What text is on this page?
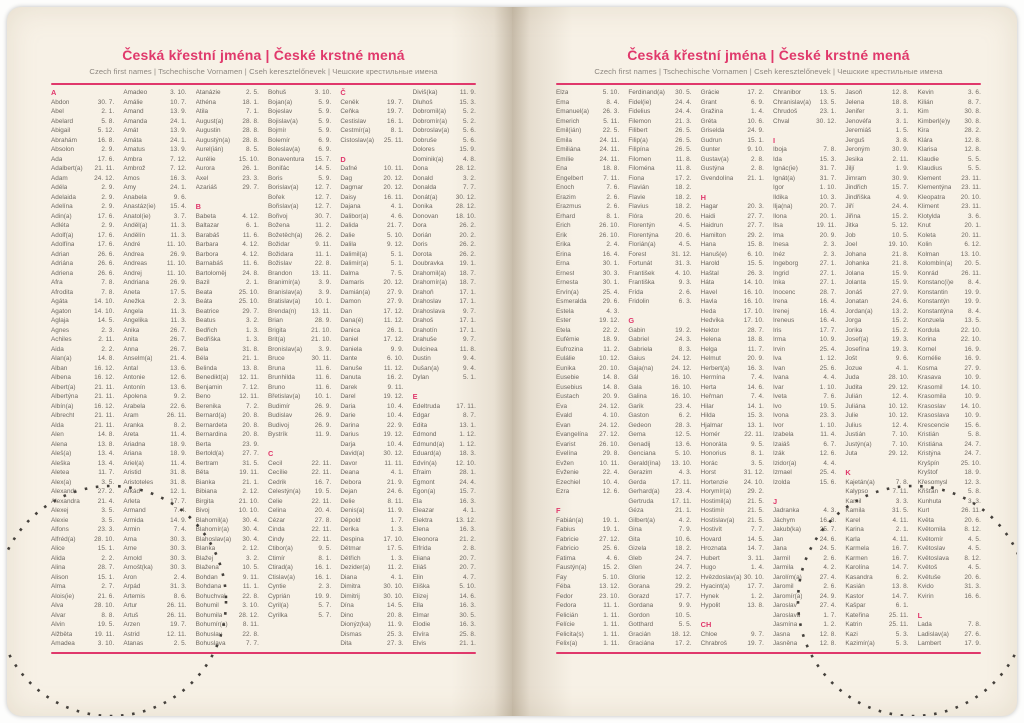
Česká křestní jména | České krstné mená
Czech first names | Tschechische Vornamen | Cseh keresztelőnevek | Чешские крестильные имена
A
Abdon	30. 7.
Ábel	2. 1.
Abelard	5. 8.
Abigail	5. 12.
Abrahám	16. 8.
Absolon	2. 9.
Ada	17. 6.
Adalbert(a)	21. 11.
Adam	24. 12.
Adéla	2. 9.
Adelaida	2. 9.
Adelína	2. 9.
Adin(a)	17. 6.
Adléta	2. 9.
Adolf(a)	17. 6.
Adolfína	17. 6.
Adrian	26. 6.
Adriána	26. 6.
Adriena	26. 6.
Afra	7. 8.
Afrodita	7. 8.
Agáta	14. 10.
Agaton	14. 10.
Aglaja	14. 5.
Agnes	2. 3.
Achiles	2. 11.
Aida	2. 2.
Alan(a)	14. 8.
Alban	16. 12.
Albena	16. 12.
Albert(a)	21. 11.
Albertýna	21. 11.
Albín(a)	16. 12.
Albrecht	21. 11.
Alda	21. 11.
Alen	14. 8.
Alena	13. 8.
Aleš(a)	13. 4.
Aleška	13. 4.
Aletea	11. 7.
Alex(a)	3. 5.
Alexandr	27. 2.
Alexandra	21. 4.
Alexej	3. 5.
Alexie	3. 5.
Alfons	23. 3.
Alfréd(a)	28. 10.
Alice	15. 1.
Alida	2. 2.
Alina	28. 7.
Alison	15. 1.
Alma	2. 7.
Alois(ie)	21. 6.
Alva	28. 10.
Alvar	8. 8.
Alvin	19. 5.
Alžběta	19. 11.
Amadea	3. 10.
Amadeo	3. 10.
Amálie	10. 7.
Amand	13. 9.
Amanda	24. 1.
Amát	13. 9.
Amáta	24. 1.
Amatus	13. 9.
Ambra	7. 12.
Ambrož	7. 12.
Ámos	16. 3.
Amy	24. 1.
Anabela	9. 6.
Anastáz(ie)	15. 4.
Anatol(ie)	3. 7.
Anděl(a)	11. 3.
Andělín	11. 3.
André	11. 10.
Andrea	26. 9.
Andreas	11. 10.
Andrej	11. 10.
Andriana	26. 9.
Aneta	17. 5.
Anežka	2. 3.
Angela	11. 3.
Angelika	11. 3.
Anika	26. 7.
Anita	26. 7.
Anna	26. 7.
Anselm(a)	21. 4.
Antal	13. 6.
Antonie	12. 6.
Antonín	13. 6.
Apolena	9. 2.
Arabela	22. 6.
Aram	26. 11.
Aranka	8. 2.
Areta	11. 4.
Ariadna	18. 9.
Ariana	18. 9.
Ariel(a)	11. 4.
Aristid	31. 8.
Aristoteles	31. 8.
Arkád	12. 1.
Arleta	17. 7.
Armand	7. 4.
Armida	14. 9.
Armin	7. 4.
Arna	30. 3.
Arne	30. 3.
Arnold	30. 3.
Arnošt(ka)	30. 3.
Áron	2. 4.
Arpád	31. 3.
Artemis	8. 6.
Artur	26. 11.
Artuš	26. 11.
Arzen	19. 7.
Astrid	12. 11.
Atanas	2. 5.
Atanázie	2. 5.
Athéna	18. 1.
Atila	7. 1.
August(a)	28. 8.
Augustin	28. 8.
Augustýn(a)	28. 8.
Aurel(ián)	8. 5.
Aurélie	15. 10.
Aurora	26. 1.
Axel	23. 3.
Azariáš	29. 7.
B
Babeta	4. 12.
Baltazar	6. 1.
Barabáš	11. 6.
Barbara	4. 12.
Barbora	4. 12.
Barnabáš	11. 6.
Bartoloměj	24. 8.
Bazil	2. 1.
Beata	25. 10.
Beáta	25. 10.
Beatrice	29. 7.
Beatus	3. 2.
Bedřich	1. 3.
Bedřiška	1. 3.
Bela	31. 8.
Béla	21. 1.
Belinda	13. 8.
Benedikt(a)	12. 11.
Benjamin	7. 12.
Beno	12. 11.
Berenika	7. 2.
Bernard(a)	20. 8.
Bernardeta	20. 8.
Bernardina	20. 8.
Berta	23. 9.
Bertold(a)	27. 7.
Bertram	31. 5.
Běta	19. 11.
Bianka	21. 1.
Bibiana	2. 12.
Birgita	21. 10.
Bivoj	10. 10.
Blahomil(a)	30. 4.
Blahomír(a)	30. 4.
Blahoslav(a)	30. 4.
Blanka	2. 12.
Blažej	3. 2.
Blažena	10. 5.
Bohdan	9. 11.
Bohdana	11. 1.
Bohuchval	22. 8.
Bohumil	3. 10.
Bohumila	28. 12.
Bohumír(a)	8. 11.
Bohuslav	22. 8.
Bohuslava	7. 7.
Bohuš	3. 10.
Bojan(a)	5. 9.
Bojeslav	5. 9.
Bojislav(a)	5. 9.
Bojmír	5. 9.
Bolemír	6. 9.
Boleslav(a)	6. 9.
Bonaventura	15. 7.
Bonifác	14. 5.
Boris	5. 9.
Borislav(a)	12. 7.
Bořek	12. 7.
Bořislav(a)	12. 7.
Bořivoj	30. 7.
Božena	11. 2.
Božetěch(a)	26. 2.
Božidar	9. 11.
Božidara	11. 1.
Božislav	22. 8.
Brandon	13. 11.
Branimír(a)	3. 9.
Branislav(a)	3. 9.
Bratislav(a)	10. 1.
Brenda(n)	13. 11.
Brian	28. 9.
Brigita	21. 10.
Brit(a)	21. 10.
Bronislav(a)	3. 9.
Bruce	30. 11.
Bruna	11. 6.
Brunhilda	11. 6.
Bruno	11. 6.
Břetislav(a)	10. 1.
Budimír	26. 9.
Budislav	26. 9.
Budivoj	26. 9.
Bystrík	11. 9.
C
Cecil	22. 11.
Cecílie	22. 11.
Cedrik	16. 7.
Celestýn(a)	19. 5.
Celie	22. 11.
Celina	20. 4.
Cézar	27. 8.
Cinda	22. 11.
Cindy	22. 11.
Ctibor(a)	9. 5.
Ctimír	8. 1.
Ctirad(a)	16. 1.
Ctislav(a)	16. 1.
Cyntie	2. 3.
Cyprián	19. 9.
Cyril(a)	5. 7.
Cyrilka	5. 7.
Č
Čeněk	19. 7.
Čeňka	19. 7.
Čestislav	16. 1.
Čestmír(a)	8. 1.
Čistoslav(a)	25. 11.
D
Dafné	10. 11.
Dag	20. 12.
Dagmar	20. 12.
Daisy	16. 11.
Dajana	4. 1.
Dalibor(a)	4. 6.
Dalida	21. 7.
Dalie	5. 10.
Dalila	9. 12.
Dalimil(a)	5. 1.
Dalimír(a)	5. 1.
Dalma	7. 5.
Damaris	20. 12.
Damián(a)	27. 9.
Damon	27. 9.
Dan	17. 12.
Dana(é)	11. 12.
Danica	26. 1.
Daniel	17. 12.
Daniela	9. 9.
Dante	6. 10.
Danuše	11. 12.
Danuta	16. 2.
Darek	9. 11.
Darel	19. 12.
Daria	10. 4.
Darie	10. 4.
Darina	22. 9.
Darius	19. 12.
Darja	10. 4.
David(a)	30. 12.
Davor	11. 11.
Deana	4. 1.
Debora	21. 9.
Dejan	24. 6.
Delie	8. 11.
Denis(a)	11. 9.
Děpold	1. 7.
Derika	1. 3.
Despina	17. 10.
Dětmar	17. 5.
Dětřich	1. 3.
Dezider(a)	11. 2.
Diana	4. 1.
Dimitra	30. 10.
Dimitrij	30. 10.
Dína	14. 5.
Dino	20. 8.
Dionýz(ka)	11. 9.
Dismas	25. 3.
Dita	27. 3.
Diviš(ka)	11. 9.
Dluhoš	15. 3.
Dobromil(a)	5. 2.
Dobromír(a)	5. 2.
Dobroslav(a)	5. 6.
Dobruše	5. 6.
Dolores	15. 9.
Dominik(a)	4. 8.
Dona	28. 12.
Donald	3. 2.
Donalda	7. 7.
Donát(a)	30. 12.
Donika	28. 12.
Donovan	18. 10.
Dora	26. 2.
Dorián	20. 2.
Doris	26. 2.
Dorota	26. 2.
Doubravka	19. 1.
Drahomil(a)	18. 7.
Drahomír(a)	18. 7.
Drahoň	17. 1.
Drahoslav	17. 1.
Drahoslava	9. 7.
Drahoš	17. 1.
Drahotín	17. 1.
Drahuše	9. 7.
Dulcinea	11. 8.
Dustin	9. 4.
Dušan(a)	9. 4.
Dylan	5. 1.
E
Edeltruda	17. 11.
Edgar	8. 7.
Edita	13. 1.
Edmond	1. 12.
Edmund(a)	1. 12.
Eduard(a)	18. 3.
Edvín(a)	12. 10.
Efraim	28. 1.
Egmont	24. 4.
Egon(a)	15. 7.
Ela	16. 3.
Eleazar	4. 1.
Elektra	13. 12.
Elena	16. 3.
Eleonora	21. 2.
Elfrída	2. 8.
Eliana	20. 7.
Eliáš	20. 7.
Elin	4. 7.
Eliška	5. 10.
Elizej	14. 6.
Ella	16. 3.
Elmar	30. 5.
Elodie	16. 3.
Elvíra	25. 8.
Elvis	21. 1.
Česká křestní jména | České krstné mená
Czech first names | Tschechische Vornamen | Cseh keresztelőnevek | Чешские крестильные имена
Elza	5. 10.
Ema	8. 4.
Emanuel(a)	26. 3.
Emerich	5. 11.
Emil(ián)	22. 5.
Emila	24. 11.
Emiliána	24. 11.
Emílie	24. 11.
Ena	18. 8.
Engelbert	7. 11.
Enoch	7. 6.
Erazim	2. 6.
Erazmus	2. 6.
Erhard	8. 1.
Erich	26. 10.
Erik	26. 10.
Erika	2. 4.
Erina	16. 4.
Erna	30. 1.
Ernest	30. 3.
Ernesta	30. 1.
Ervín(a)	25. 4.
Esmeralda	29. 6.
Estela	4. 3.
Ester	19. 12.
Etela	22. 2.
Eufémie	18. 9.
Eufrozina	11. 2.
Eulálie	10. 12.
Eunika	20. 10.
Eusebie	14. 8.
Eusebius	14. 8.
Eustach	20. 9.
Eva	24. 12.
Evald	4. 10.
Evan	24. 12.
Evangelína	27. 12.
Evarist	26. 10.
Evelína	29. 8.
Evžen	10. 11.
Evženie	22. 4.
Ezechiel	10. 4.
Ezra	12. 6.
F
Fabián(a)	19. 1.
Fabius	19. 1.
Fabricie	27. 12.
Fabricio	25. 6.
Fatima	4. 6.
Faustýn(a)	15. 2.
Fay	5. 10.
Féba	13. 12.
Fedor	23. 10.
Fedora	11. 1.
Felicián	1. 11.
Felície	1. 11.
Felicita(s)	1. 11.
Felix(a)	1. 11.
Ferdinand(a)	30. 5.
Fidel(ie)	24. 4.
Fidelius	24. 4.
Filemon	21. 3.
Filibert	26. 5.
Filip(a)	26. 5.
Filipína	26. 5.
Filomen	11. 8.
Filoména	11. 8.
Fiona	17. 2.
Flavián	18. 2.
Flavie	18. 2.
Flavius	18. 2.
Flóra	20. 6.
Florentýn	4. 5.
Florentýna	20. 6.
Florián(a)	4. 5.
Forest	31. 12.
Fortunát	31. 3.
František	4. 10.
Františka	9. 3.
Frída	2. 6.
Fridolin	6. 3.
G
Gabin	19. 2.
Gabriel	24. 3.
Gabriela	8. 3.
Gaius	24. 12.
Gaja(na)	24. 12.
Gál	16. 10.
Gala	16. 10.
Galina	16. 10.
Garik	23. 4.
Gaston	6. 2.
Gedeon	28. 3.
Gema	12. 5.
Genadij	13. 6.
Genciana	5. 10.
Gerald(ína)	13. 10.
Gerazim	4. 3.
Gerda	17. 11.
Gerhard(a)	23. 4.
Gertruda	17. 11.
Géza	21. 1.
Gilbert(a)	4. 2.
Gina	7. 9.
Gita	10. 6.
Gizela	18. 2.
Gleb	24. 7.
Glen	24. 7.
Glorie	12. 2.
Gorana	29. 2.
Gorazd	17. 7.
Gordana	9. 9.
Gordon	10. 5.
Gotthard	5. 5.
Gracián	18. 12.
Graciána	17. 2.
Grácie	17. 2.
Grant	6. 9.
Gražina	1. 4.
Gréta	10. 6.
Griselda	24. 9.
Gudrun	15. 1.
Gunter	9. 10.
Gustav(a)	2. 8.
Gustýna	2. 8.
Gvendolína	21. 1.
H
Hagar	20. 3.
Haidi	27. 7.
Haidrun	27. 7.
Hamilton	29. 2.
Hana	15. 8.
Hanuš(e)	6. 10.
Harold	15. 5.
Haštal	26. 3.
Háta	14. 10.
Havel	16. 10.
Havla	16. 10.
Heda	17. 10.
Hedvika	17. 10.
Hektor	28. 7.
Helena	18. 8.
Helga	11. 7.
Helmut	20. 9.
Herbert(a)	16. 3.
Hermína	7. 4.
Herta	14. 6.
Heřman	7. 4.
Hilar	14. 1.
Hilda	15. 3.
Hjalmar	13. 1.
Homér	22. 11.
Honoráta	9. 5.
Honorius	8. 1.
Horác	3. 5.
Horst	31. 12.
Hortenzie	24. 10.
Horymír(a)	29. 2.
Hostimil(a)	21. 5.
Hostimír	21. 5.
Hostislav(a)	21. 5.
Hostivít	7. 7.
Hovard	14. 5.
Hroznata	14. 7.
Hubert	3. 11.
Hugo	1. 4.
Hvězdoslav(a) 30. 10.
Hyacint(a)	17. 7.
Hynek	1. 2.
Hypolit	13. 8.
CH
Chloe	9. 7.
Chrabroš	19. 7.
Chranibor	13. 5.
Chranislav(a)	13. 5.
Chrudoš	23. 1.
Chval	30. 12.
I
Iboja	7. 8.
Ida	15. 3.
Ignác(ie)	31. 7.
Ignát(a)	31. 7.
Igor	1. 10.
Ildika	10. 3.
Ilja(na)	20. 7.
Ilona	20. 1.
Ilsa	19. 11.
Ima	20. 9.
Inesa	2. 3.
Inéz	2. 3.
Ingeborg	27. 1.
Ingrid	27. 1.
Inka	27. 1.
Inocenc	28. 7.
Irena	16. 4.
Irenej	16. 4.
Ireneus	16. 4.
Iris	17. 7.
Irma	10. 9.
Irvin	25. 4.
Iva	1. 12.
Ivan	25. 6.
Ivana	4. 4.
Ivar	1. 10.
Iveta	7. 6.
Ivo	19. 5.
Ivona	23. 3.
Ivor	1. 10.
Izabela	11. 4.
Izaiáš	6. 7.
Izák	12. 6.
Izidor(a)	4. 4.
Izmael	25. 4.
Izolda	15. 6.
J
Jadranka	4. 3.
Jáchym	16. 8.
Jakub(ka)	25. 7.
Jan	24. 6.
Jana	24. 5.
Jarmil	2. 6.
Jarmila	4. 2.
Jarolím(a)	27. 4.
Jaromil	2. 6.
Jaromír(a)	24. 9.
Jaroslav	27. 4.
Jaroslava	1. 7.
Jasmína	1. 2.
Jasna	12. 8.
Jasněna	12. 8.
Jasoň	12. 8.
Jelena	18. 8.
Jenifer	3. 1.
Jenovéfa	3. 1.
Jeremiáš	1. 5.
Jerguš	3. 8.
Jeroným	30. 9.
Jesika	2. 11.
Jiljí	1. 9.
Jimram	30. 9.
Jindřich	15. 7.
Jindřiška	4. 9.
Jiří	24. 4.
Jiřina	15. 2.
Jitka	5. 12.
Job	10. 5.
Joel	19. 10.
Johana	21. 8.
Johanka	21. 8.
Jolana	15. 9.
Jolanta	15. 9.
Jonáš	27. 9.
Jonatan	24. 6.
Jordan(a)	13. 2.
Jorga	15. 2.
Jorika	15. 2.
Josef(a)	19. 3.
Josefína	19. 3.
Jošt	9. 6.
Jozue	4. 1.
Juda	28. 10.
Judita	29. 12.
Julián	12. 4.
Juliána	10. 12.
Julie	10. 12.
Julius	12. 4.
Justián	7. 10.
Justýn(a)	7. 10.
Juta	29. 12.
K
Kajetán(a)	7. 8.
Kalypso	7. 11.
Kamil	3. 3.
Kamila	31. 5.
Karel	4. 11.
Karina	2. 1.
Karla	4. 11.
Karmela	16. 7.
Karmen	16. 7.
Karolína	14. 7.
Kasandra	6. 2.
Kasián	13. 8.
Kastor	14. 7.
Kašpar	6. 1.
Kateřina	25. 11.
Katrin	25. 11.
Kazi	5. 3.
Kazimír(a)	5. 3.
Kevin	3. 6.
Kilián	8. 7.
Kim	30. 8.
Kimberl(e)y	30. 8.
Kira	28. 2.
Klára	12. 8.
Klarisa	12. 8.
Klaudie	5. 5.
Klaudius	5. 5.
Klement	23. 11.
Klementýna	23. 11.
Kleopatra	20. 10.
Kliment	23. 11.
Klotylda	3. 6.
Knut	20. 1.
Koleta	20. 11.
Kolin	6. 12.
Kolman	13. 10.
Kolombín(a)	20. 5.
Konrád	26. 11.
Konstanc(i)e	8. 4.
Konstantin	19. 9.
Konstantýn	19. 9.
Konstantýna	8. 4.
Konzuela	13. 5.
Kordula	22. 10.
Korina	22. 10.
Kornel	16. 9.
Kornélie	16. 9.
Kosma	27. 9.
Krasava	10. 9.
Krasomil	14. 10.
Krasomila	10. 9.
Krasoslav	14. 10.
Krasoslava	10. 9.
Krescencie	15. 6.
Kristián	5. 8.
Kristiána	24. 7.
Kristýna	24. 7.
Kryšpín	25. 10.
Kryštof	18. 9.
Křesomysl	12. 3.
Křišťan	5. 8.
Kunhuta	3. 3.
Kurt	26. 11.
Květa	20. 6.
Květomila	8. 12.
Květomír	4. 5.
Květoslav	4. 5.
Květoslava	8. 12.
Květoš	4. 5.
Květuše	20. 6.
Kvido	31. 3.
Kvirin	16. 6.
L
Lada	7. 8.
Ladislav(a)	27. 6.
Lambert	17. 9.
